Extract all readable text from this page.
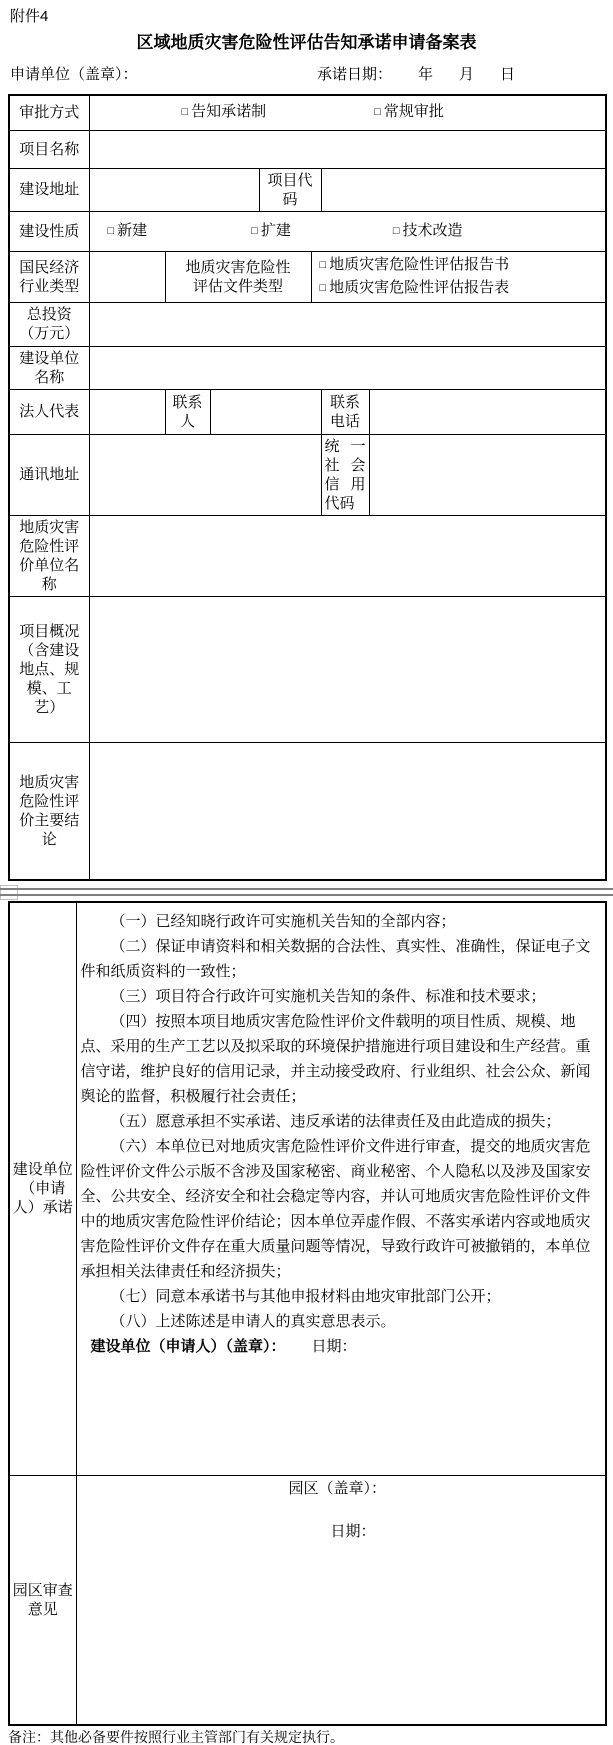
附件4
区域地质灾害危险性评估告知承诺申请备案表
申请单位（盖章）：	承诺日期： 年 月 日
审批方式	□ 告知承诺制 □ 常规审批						

项目名称							
建设地址				项目代码			
建设性质	□ 新建 □ 扩建 □ 技术改造						

国民经济行业类型		地质灾害危险性评估文件类型			□ 地质灾害危险性评估报告书
□ 地质灾害危险性评估报告表		

总投资（万元）							
建设单位名称							
法人代表		联系人				联系电话	
通讯地址						统一社会信用代码	
地质灾害危险性评价单位名称							
项目概况（含建设地点、规模、工艺）							
地质灾害危险性评价主要结论							
建设单位（申请人）承诺	

（一）已经知晓行政许可实施机关告知的全部内容；

（二）保证申请资料和相关数据的合法性、真实性、准确性，保证电子文件和纸质资料的一致性；

（三）项目符合行政许可实施机关告知的条件、标准和技术要求；

（四）按照本项目地质灾害危险性评价文件载明的项目性质、规模、地点、采用的生产工艺以及拟采取的环境保护措施进行项目建设和生产经营。重信守诺，维护良好的信用记录，并主动接受政府、行业组织、社会公众、新闻舆论的监督，积极履行社会责任；

（五）愿意承担不实承诺、违反承诺的法律责任及由此造成的损失；

（六）本单位已对地质灾害危险性评价文件进行审查，提交的地质灾害危险性评价文件公示版不含涉及国家秘密、商业秘密、个人隐私以及涉及国家安全、公共安全、经济安全和社会稳定等内容，并认可地质灾害危险性评价文件中的地质灾害危险性评价结论；因本单位弄虚作假、不落实承诺内容或地质灾害危险性评价文件存在重大质量问题等情况，导致行政许可被撤销的，本单位承担相关法律责任和经济损失；

（七）同意本承诺书与其他申报材料由地灾审批部门公开；

（八）上述陈述是申请人的真实意思表示。

建设单位（申请人）（盖章）： 日期：

园区审查意见	园区（盖章）：
日期：
备注：其他必备要件按照行业主管部门有关规定执行。
